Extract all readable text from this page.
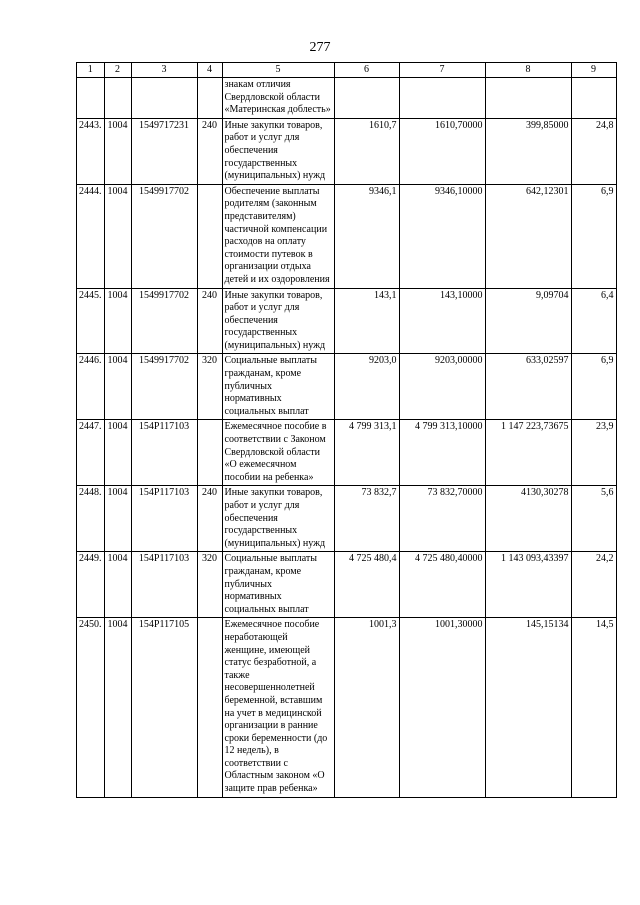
277
1	2	3	4	5	6	7	8	9
				знакам отличия Свердловской области «Материнская доблесть»				
2443.	1004	1549717231	240	Иные закупки товаров, работ и услуг для обеспечения государственных (муниципальных) нужд	1610,7	1610,70000	399,85000	24,8
2444.	1004	1549917702		Обеспечение выплаты родителям (законным представителям) частичной компенсации расходов на оплату стоимости путевок в организации отдыха детей и их оздоровления	9346,1	9346,10000	642,12301	6,9
2445.	1004	1549917702	240	Иные закупки товаров, работ и услуг для обеспечения государственных (муниципальных) нужд	143,1	143,10000	9,09704	6,4
2446.	1004	1549917702	320	Социальные выплаты гражданам, кроме публичных нормативных социальных выплат	9203,0	9203,00000	633,02597	6,9
2447.	1004	154P117103		Ежемесячное пособие в соответствии с Законом Свердловской области «О ежемесячном пособии на ребенка»	4 799 313,1	4 799 313,10000	1 147 223,73675	23,9
2448.	1004	154P117103	240	Иные закупки товаров, работ и услуг для обеспечения государственных (муниципальных) нужд	73 832,7	73 832,70000	4130,30278	5,6
2449.	1004	154P117103	320	Социальные выплаты гражданам, кроме публичных нормативных социальных выплат	4 725 480,4	4 725 480,40000	1 143 093,43397	24,2
2450.	1004	154P117105		Ежемесячное пособие неработающей женщине, имеющей статус безработной, а также несовершеннолетней беременной, вставшим на учет в медицинской организации в ранние сроки беременности (до 12 недель), в соответствии с Областным законом «О защите прав ребенка»	1001,3	1001,30000	145,15134	14,5
